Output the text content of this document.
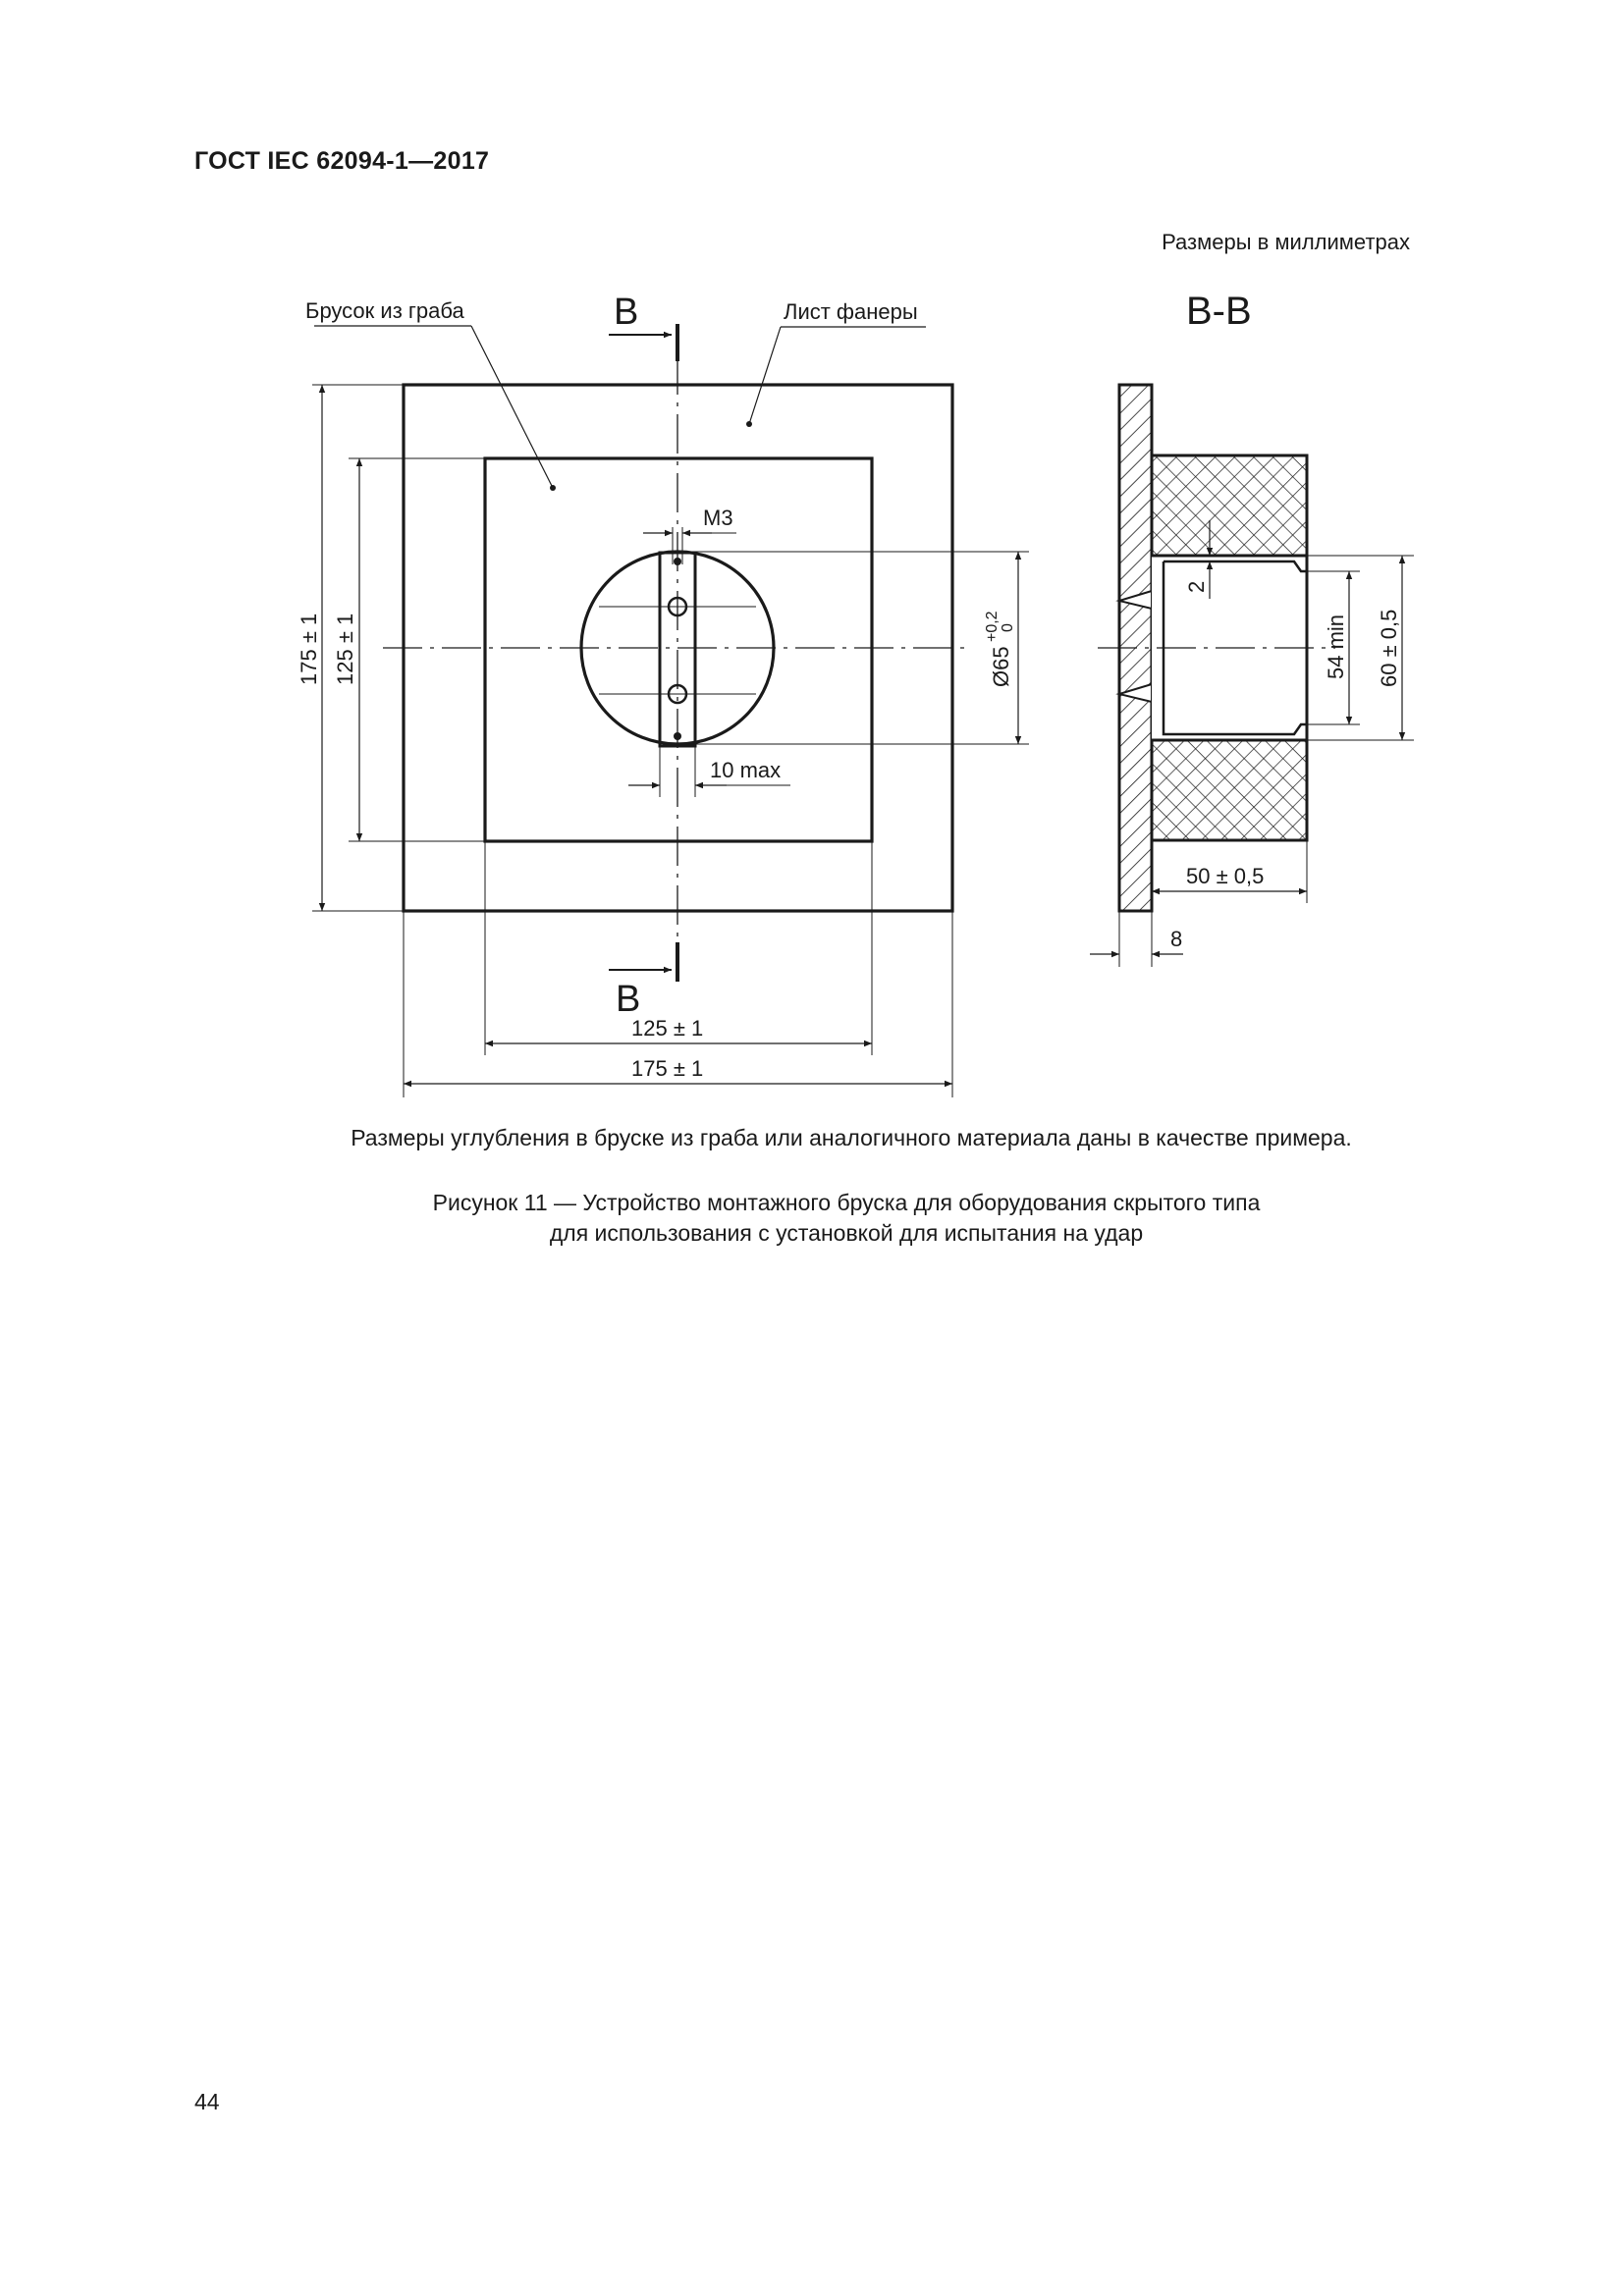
ГОСТ IEC 62094-1—2017
Размеры в миллиметрах
В
В
Брусок из граба	Лист фанеры
М3
10 max
Ø65
+0,2 0
175 ± 1 125 ± 1
125 ± 1
175 ± 1
В-В
2
54 min 60 ± 0,5
50 ± 0,5
8
Размеры углубления в бруске из граба или аналогичного материала даны в качестве примера.
Рисунок 11 — Устройство монтажного бруска для оборудования скрытого типа
для использования с установкой для испытания на удар
44
